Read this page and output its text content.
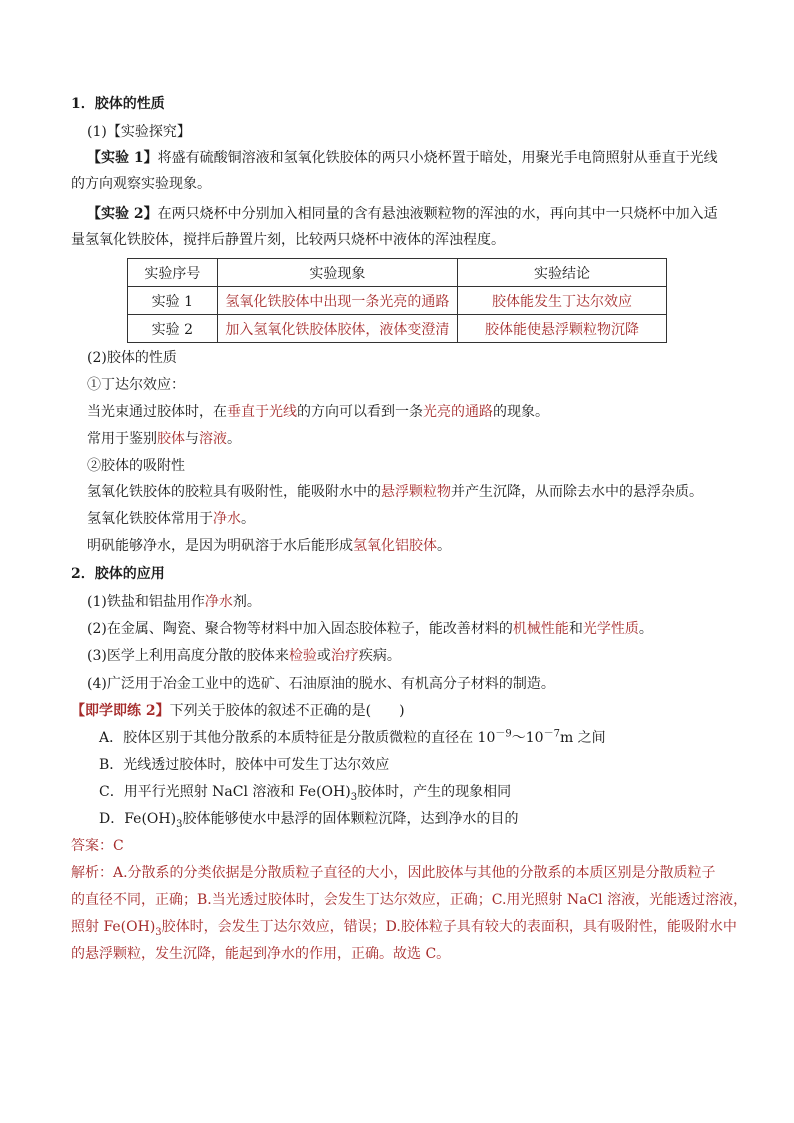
1．胶体的性质
(1)【实验探究】
【实验 1】将盛有硫酸铜溶液和氢氧化铁胶体的两只小烧杯置于暗处，用聚光手电筒照射从垂直于光线
的方向观察实验现象。
【实验 2】在两只烧杯中分别加入相同量的含有悬浊液颗粒物的浑浊的水，再向其中一只烧杯中加入适
量氢氧化铁胶体，搅拌后静置片刻，比较两只烧杯中液体的浑浊程度。
实验序号	实验现象	实验结论
实验 1	氢氧化铁胶体中出现一条光亮的通路	胶体能发生丁达尔效应
实验 2	加入氢氧化铁胶体胶体，液体变澄清	胶体能使悬浮颗粒物沉降
(2)胶体的性质
①丁达尔效应：
当光束通过胶体时，在垂直于光线的方向可以看到一条光亮的通路的现象。
常用于鉴别胶体与溶液。
②胶体的吸附性
氢氧化铁胶体的胶粒具有吸附性，能吸附水中的悬浮颗粒物并产生沉降，从而除去水中的悬浮杂质。
氢氧化铁胶体常用于净水。
明矾能够净水，是因为明矾溶于水后能形成氢氧化铝胶体。
2．胶体的应用
(1)铁盐和铝盐用作净水剂。
(2)在金属、陶瓷、聚合物等材料中加入固态胶体粒子，能改善材料的机械性能和光学性质。
(3)医学上利用高度分散的胶体来检验或治疗疾病。
(4)广泛用于冶金工业中的选矿、石油原油的脱水、有机高分子材料的制造。
【即学即练 2】下列关于胶体的叙述不正确的是(　　)
A．胶体区别于其他分散系的本质特征是分散质微粒的直径在 $10^{-9}\sim 10^{-7}m$ 之间
B．光线透过胶体时，胶体中可发生丁达尔效应
C．用平行光照射 NaCl 溶液和 $Fe(OH)_3$胶体时，产生的现象相同
D．$Fe(OH)_3$胶体能够使水中悬浮的固体颗粒沉降，达到净水的目的
答案：C
解析：A.分散系的分类依据是分散质粒子直径的大小，因此胶体与其他的分散系的本质区别是分散质粒子
的直径不同，正确；B.当光透过胶体时，会发生丁达尔效应，正确；C.用光照射 NaCl 溶液，光能透过溶液，
照射 $Fe(OH)_3$胶体时，会发生丁达尔效应，错误；D.胶体粒子具有较大的表面积，具有吸附性，能吸附水中
的悬浮颗粒，发生沉降，能起到净水的作用，正确。故选 C。
